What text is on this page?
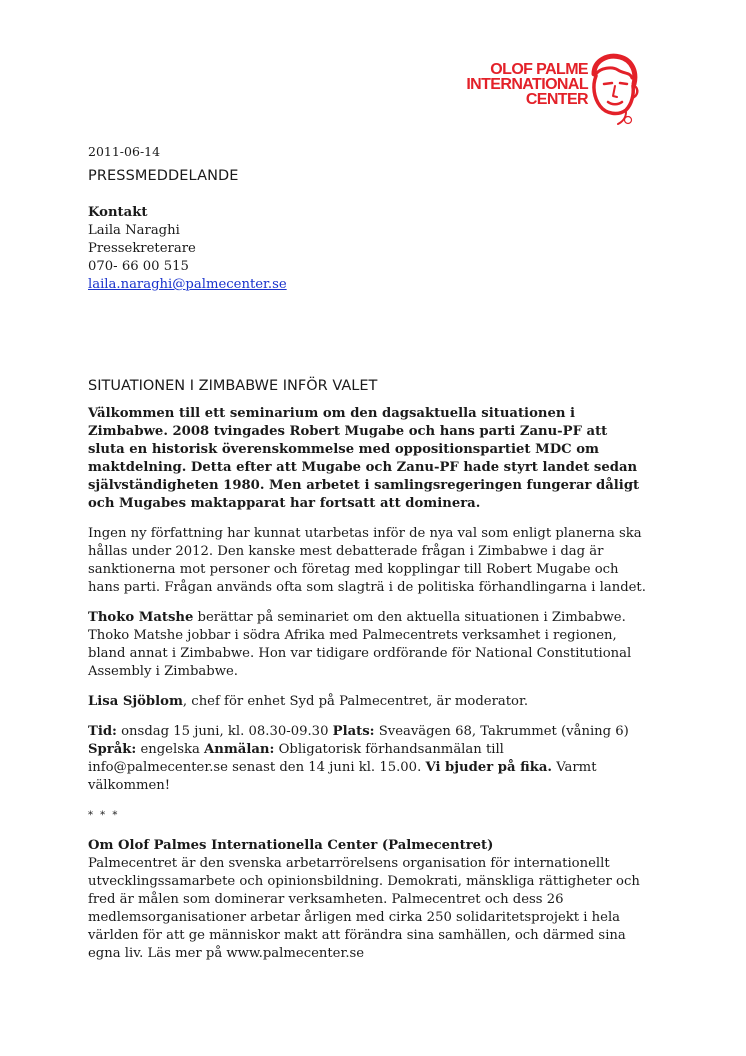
OLOF PALME
INTERNATIONAL
CENTER

2011-06-14

PRESSMEDDELANDE

Kontakt

Laila Naraghi

Pressekreterare

070- 66 00 515

laila.naraghi@palmecenter.se

SITUATIONEN I ZIMBABWE INFÖR VALET

Välkommen till ett seminarium om den dagsaktuella situationen i Zimbabwe. 2008 tvingades Robert Mugabe och hans parti Zanu-PF att sluta en historisk överenskommelse med oppositionspartiet MDC om maktdelning. Detta efter att Mugabe och Zanu-PF hade styrt landet sedan självständigheten 1980. Men arbetet i samlingsregeringen fungerar dåligt och Mugabes maktapparat har fortsatt att dominera.

Ingen ny författning har kunnat utarbetas inför de nya val som enligt planerna ska hållas under 2012. Den kanske mest debatterade frågan i Zimbabwe i dag är sanktionerna mot personer och företag med kopplingar till Robert Mugabe och hans parti. Frågan används ofta som slagträ i de politiska förhandlingarna i landet.

Thoko Matshe berättar på seminariet om den aktuella situationen i Zimbabwe. Thoko Matshe jobbar i södra Afrika med Palmecentrets verksamhet i regionen, bland annat i Zimbabwe. Hon var tidigare ordförande för National Constitutional Assembly i Zimbabwe.

Lisa Sjöblom, chef för enhet Syd på Palmecentret, är moderator.

Tid: onsdag 15 juni, kl. 08.30-09.30 Plats: Sveavägen 68, Takrummet (våning 6)
Språk: engelska Anmälan: Obligatorisk förhandsanmälan till info@palmecenter.se senast den 14 juni kl. 15.00. Vi bjuder på fika. Varmt välkommen!

* * *

Om Olof Palmes Internationella Center (Palmecentret)

Palmecentret är den svenska arbetarrörelsens organisation för internationellt utvecklingssamarbete och opinionsbildning. Demokrati, mänskliga rättigheter och fred är målen som dominerar verksamheten. Palmecentret och dess 26 medlemsorganisationer arbetar årligen med cirka 250 solidaritetsprojekt i hela världen för att ge människor makt att förändra sina samhällen, och därmed sina egna liv. Läs mer på www.palmecenter.se
